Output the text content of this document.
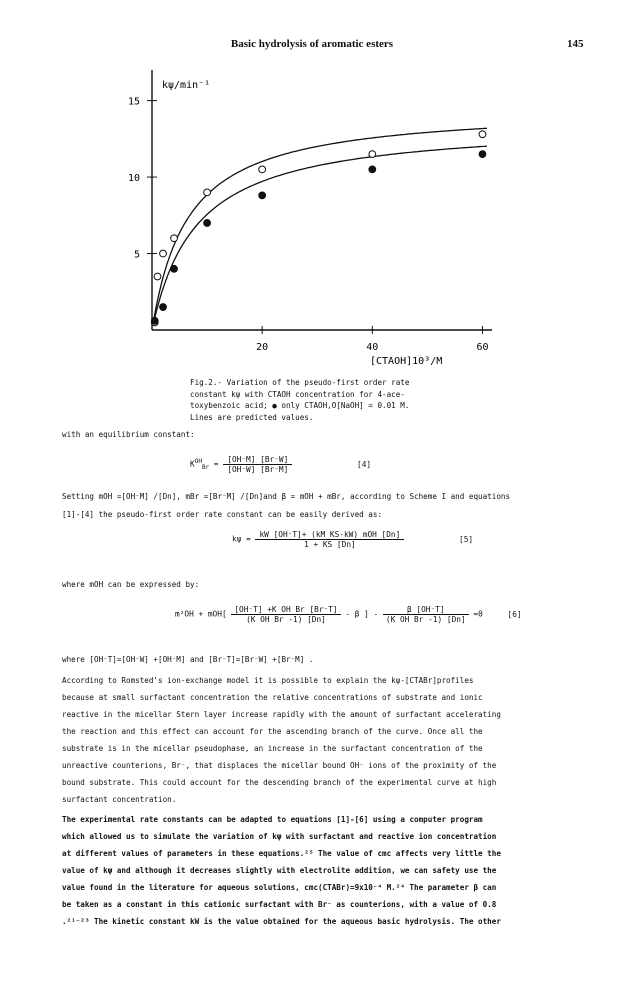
Basic hydrolysis of aromatic esters	145
20	40	60
15
10
5
kψ/min⁻¹
[CTAOH]10³/M
Fig.2.- Variation of the pseudo-first order rate
constant kψ with CTAOH concentration for 4-ace-
toxybenzoic acid; ● only CTAOH,O[NaOH] = 0.01 M.
Lines are predicted values.
with an equilibrium constant:
$K^{OH}_{Br} = \frac{[OH^-M] [Br^-W]}{[OH^-W] [Br^-M]}$	[4]
Setting mOH =[OH⁻M] /[Dn], mBr =[Br⁻M] /[Dn]and β = mOH + mBr, according to Scheme I and equations
[1]-[4] the pseudo-first order rate constant can be easily derived as:
kψ =	kW [OH⁻T]+ (kM KS-kW) mOH [Dn]
1 + KS [Dn]
[5]
where mOH can be expressed by:
$m^2OH + mOH[ \frac{\text{[OH⁻T] +K OH Br [Br⁻T]}}{\text{(K OH Br -1) [Dn]}} - \beta$ ] - $\frac{\beta [OH^-T]}{\text{(K OH Br -1) [Dn]}} =0$	[6]
where [OH⁻T]=[OH⁻W] +[OH⁻M] and [Br⁻T]=[Br⁻W] +[Br⁻M] .
According to Romsted's ion-exchange model it is possible to explain the kψ-[CTABr]profiles
because at small surfactant concentration the relative concentrations of substrate and ionic
reactive in the micellar Stern layer increase rapidly with the amount of surfactant accelerating
the reaction and this effect can account for the ascending branch of the curve. Once all the
substrate is in the micellar pseudophase, an increase in the surfactant concentration of the
unreactive counterions, Br⁻, that displaces the micellar bound OH⁻ ions of the proximity of the
bound substrate. This could account for the descending branch of the experimental curve at high
surfactant concentration.
The experimental rate constants can be adapted to equations [1]-[6] using a computer program
which allowed us to simulate the variation of kψ with surfactant and reactive ion concentration
at different values of parameters in these equations.²⁵ The value of cmc affects very little the
value of kψ and although it decreases slightly with electrolite addition, we can safety use the
value found in the literature for aqueous solutions, cmc(CTABr)=9x10⁻⁴ M.²⁴ The parameter β can
be taken as a constant in this cationic surfactant with Br⁻ as counterions, with a value of 0.8
.²¹⁻²³ The kinetic constant kW is the value obtained for the aqueous basic hydrolysis. The other
